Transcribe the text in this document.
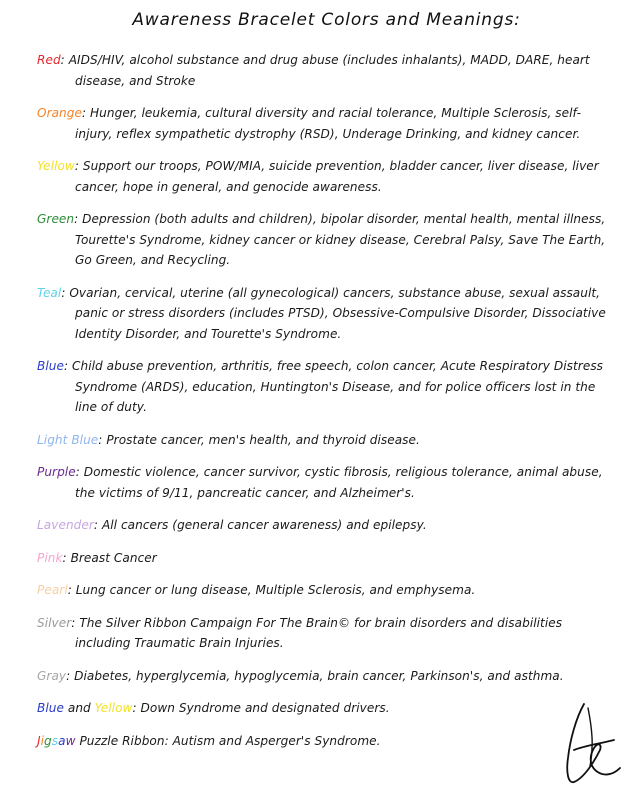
Awareness Bracelet Colors and Meanings:
Red: AIDS/HIV, alcohol substance and drug abuse (includes inhalants), MADD, DARE, heart disease, and Stroke
Orange: Hunger, leukemia, cultural diversity and racial tolerance, Multiple Sclerosis, self-injury, reflex sympathetic dystrophy (RSD), Underage Drinking, and kidney cancer.
Yellow: Support our troops, POW/MIA, suicide prevention, bladder cancer, liver disease, liver cancer, hope in general, and genocide awareness.
Green: Depression (both adults and children), bipolar disorder, mental health, mental illness, Tourette's Syndrome, kidney cancer or kidney disease, Cerebral Palsy, Save The Earth, Go Green, and Recycling.
Teal: Ovarian, cervical, uterine (all gynecological) cancers, substance abuse, sexual assault, panic or stress disorders (includes PTSD), Obsessive-Compulsive Disorder, Dissociative Identity Disorder, and Tourette's Syndrome.
Blue: Child abuse prevention, arthritis, free speech, colon cancer, Acute Respiratory Distress Syndrome (ARDS), education, Huntington's Disease, and for police officers lost in the line of duty.
Light Blue: Prostate cancer, men's health, and thyroid disease.
Purple: Domestic violence, cancer survivor, cystic fibrosis, religious tolerance, animal abuse, the victims of 9/11, pancreatic cancer, and Alzheimer's.
Lavender: All cancers (general cancer awareness) and epilepsy.
Pink: Breast Cancer
Pearl: Lung cancer or lung disease, Multiple Sclerosis, and emphysema.
Silver: The Silver Ribbon Campaign For The Brain© for brain disorders and disabilities including Traumatic Brain Injuries.
Gray: Diabetes, hyperglycemia, hypoglycemia, brain cancer, Parkinson's, and asthma.
Blue and Yellow: Down Syndrome and designated drivers.
Jigsaw Puzzle Ribbon: Autism and Asperger's Syndrome.
